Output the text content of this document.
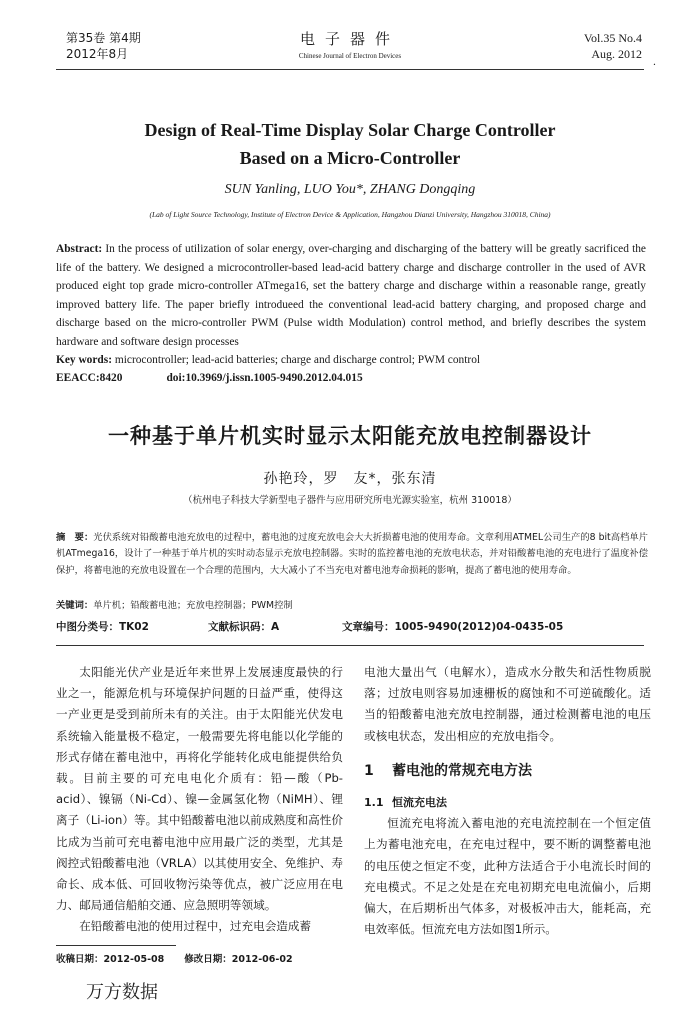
第35卷 第4期
2012年8月
电子器件
Chinese Journal of Electron Devices
Vol.35 No.4
Aug. 2012
·
Design of Real-Time Display Solar Charge Controller
Based on a Micro-Controller
SUN Yanling, LUO You*, ZHANG Dongqing
(Lab of Light Source Technology, Institute of Electron Device & Application, Hangzhou Dianzi University, Hangzhou 310018, China)
Abstract: In the process of utilization of solar energy, over-charging and discharging of the battery will be greatly sacrificed the life of the battery. We designed a microcontroller-based lead-acid battery charge and discharge controller in the used of AVR produced eight top grade micro-controller ATmega16, set the battery charge and discharge within a reasonable range, greatly improved battery life. The paper briefly introdueed the conventional lead-acid battery charging, and proposed charge and discharge based on the micro-controller PWM (Pulse width Modulation) control method, and briefly describes the system hardware and software design processes
Key words: microcontroller; lead-acid batteries; charge and discharge control; PWM control
EEACC:8420	doi:10.3969/j.issn.1005-9490.2012.04.015
一种基于单片机实时显示太阳能充放电控制器设计
孙艳玲，罗　友*，张东清
（杭州电子科技大学新型电子器件与应用研究所电光源实验室，杭州 310018）
摘　要：光伏系统对铅酸蓄电池充放电的过程中，蓄电池的过度充放电会大大折损蓄电池的使用寿命。文章利用ATMEL公司生产的8 bit高档单片机ATmega16，设计了一种基于单片机的实时动态显示充放电控制器。实时的监控蓄电池的充放电状态，并对铅酸蓄电池的充电进行了温度补偿保护，将蓄电池的充放电设置在一个合理的范围内，大大减小了不当充电对蓄电池寿命损耗的影响，提高了蓄电池的使用寿命。
关键词：单片机；铅酸蓄电池；充放电控制器；PWM控制
中图分类号：TK02	文献标识码：A	文章编号：1005-9490(2012)04-0435-05

太阳能光伏产业是近年来世界上发展速度最快的行业之一，能源危机与环境保护问题的日益严重，使得这一产业更是受到前所未有的关注。由于太阳能光伏发电系统输入能量极不稳定，一般需要先将电能以化学能的形式存储在蓄电池中，再将化学能转化成电能提供给负载。目前主要的可充电电化介质有：铅—酸（Pb-acid）、镍镉（Ni-Cd）、镍—金属氢化物（NiMH）、锂离子（Li-ion）等。其中铅酸蓄电池以前成熟度和高性价比成为当前可充电蓄电池中应用最广泛的类型，尤其是阀控式铅酸蓄电池（VRLA）以其使用安全、免维护、寿命长、成本低、可回收物污染等优点，被广泛应用在电力、邮局通信船舶交通、应急照明等领域。

在铅酸蓄电池的使用过程中，过充电会造成蓄

电池大量出气（电解水），造成水分散失和活性物质脱落；过放电则容易加速栅板的腐蚀和不可逆硫酸化。适当的铅酸蓄电池充放电控制器，通过检测蓄电池的电压或核电状态，发出相应的充放电指令。

1 蓄电池的常规充电方法
1.1 恒流充电法

恒流充电将流入蓄电池的充电流控制在一个恒定值上为蓄电池充电，在充电过程中，要不断的调整蓄电池的电压使之恒定不变，此种方法适合于小电流长时间的充电模式。不足之处是在充电初期充电电流偏小，后期偏大，在后期析出气体多，对极板冲击大，能耗高，充电效率低。恒流充电方法如图1所示。

收稿日期：2012-05-08 修改日期：2012-06-02
万方数据
